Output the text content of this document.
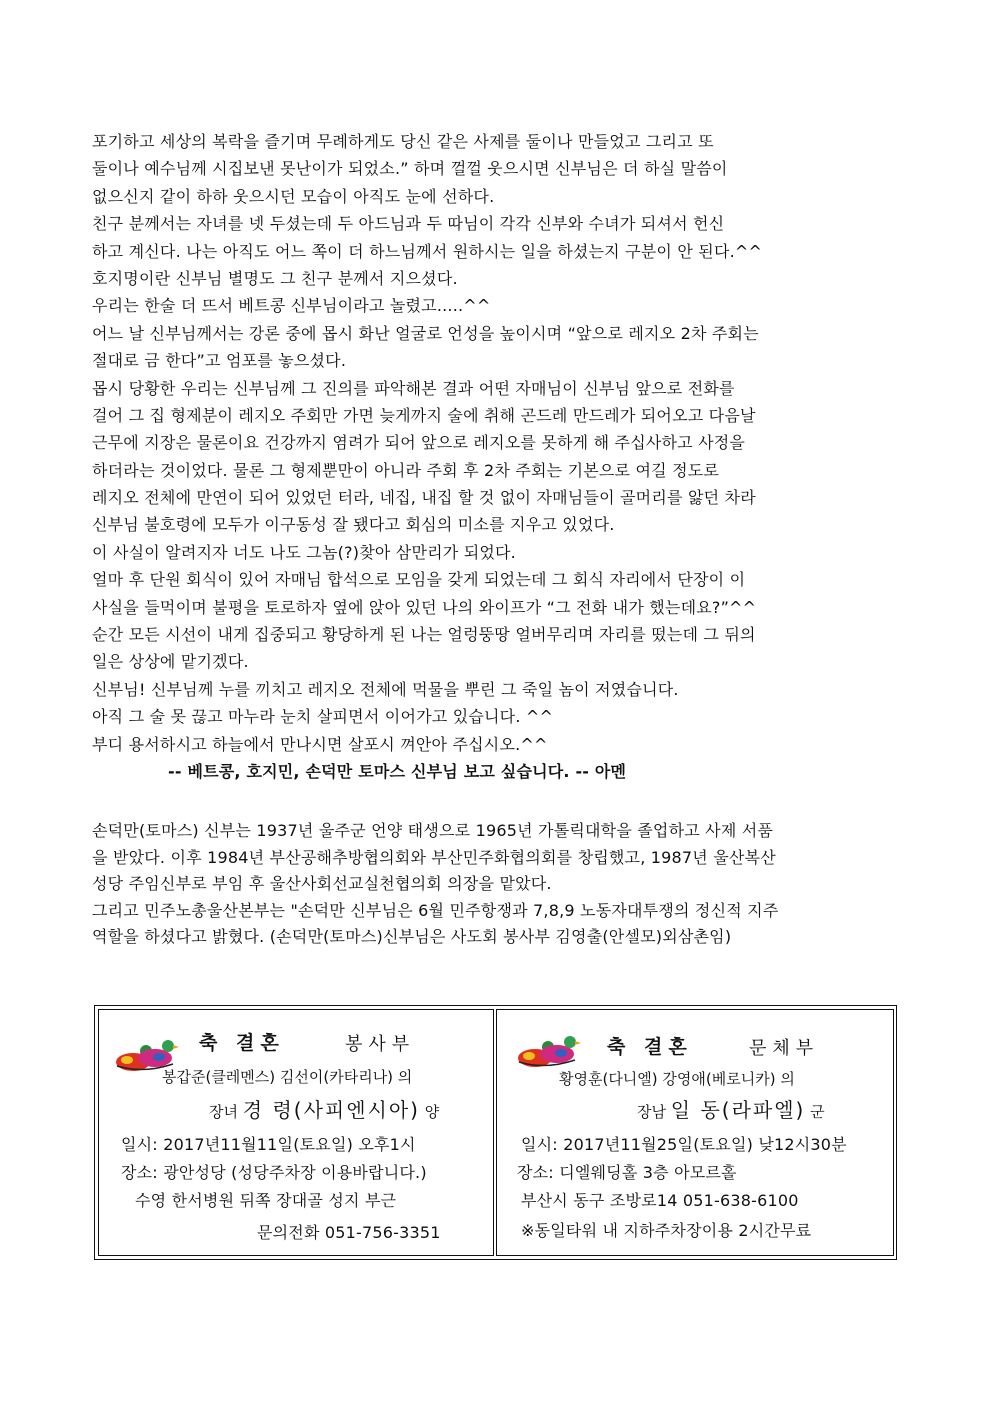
포기하고 세상의 복락을 즐기며 무례하게도 당신 같은 사제를 둘이나 만들었고 그리고 또
둘이나 예수님께 시집보낸 못난이가 되었소.” 하며 껄껄 웃으시면 신부님은 더 하실 말씀이
없으신지 같이 하하 웃으시던 모습이 아직도 눈에 선하다.
친구 분께서는 자녀를 넷 두셨는데 두 아드님과 두 따님이 각각 신부와 수녀가 되셔서 헌신
하고 계신다. 나는 아직도 어느 쪽이 더 하느님께서 원하시는 일을 하셨는지 구분이 안 된다.^^
호지명이란 신부님 별명도 그 친구 분께서 지으셨다.
우리는 한술 더 뜨서 베트콩 신부님이라고 놀렸고.....^^
어느 날 신부님께서는 강론 중에 몹시 화난 얼굴로 언성을 높이시며 “앞으로 레지오 2차 주회는
절대로 금 한다”고 엄포를 놓으셨다.
몹시 당황한 우리는 신부님께 그 진의를 파악해본 결과 어떤 자매님이 신부님 앞으로 전화를
걸어 그 집 형제분이 레지오 주회만 가면 늦게까지 술에 취해 곤드레 만드레가 되어오고 다음날
근무에 지장은 물론이요 건강까지 염려가 되어 앞으로 레지오를 못하게 해 주십사하고 사정을
하더라는 것이었다. 물론 그 형제뿐만이 아니라 주회 후 2차 주회는 기본으로 여길 정도로
레지오 전체에 만연이 되어 있었던 터라, 네집, 내집 할 것 없이 자매님들이 골머리를 앓던 차라
신부님 불호령에 모두가 이구동성 잘 됐다고 회심의 미소를 지우고 있었다.
이 사실이 알려지자 너도 나도 그놈(?)찾아 삼만리가 되었다.
얼마 후 단원 회식이 있어 자매님 합석으로 모임을 갖게 되었는데 그 회식 자리에서 단장이 이
사실을 들먹이며 불평을 토로하자 옆에 앉아 있던 나의 와이프가 “그 전화 내가 했는데요?”^^
순간 모든 시선이 내게 집중되고 황당하게 된 나는 얼렁뚱땅 얼버무리며 자리를 떴는데 그 뒤의
일은 상상에 맡기겠다.
신부님! 신부님께 누를 끼치고 레지오 전체에 먹물을 뿌린 그 죽일 놈이 저였습니다.
아직 그 술 못 끊고 마누라 눈치 살피면서 이어가고 있습니다. ^^
부디 용서하시고 하늘에서 만나시면 살포시 껴안아 주십시오.^^
-- 베트콩, 호지민, 손덕만 토마스 신부님 보고 싶습니다. -- 아멘
손덕만(토마스) 신부는 1937년 울주군 언양 태생으로 1965년 가톨릭대학을 졸업하고 사제 서품
을 받았다. 이후 1984년 부산공해추방협의회와 부산민주화협의회를 창립했고, 1987년 울산복산
성당 주임신부로 부임 후 울산사회선교실천협의회 의장을 맡았다.
그리고 민주노총울산본부는 "손덕만 신부님은 6월 민주항쟁과 7,8,9 노동자대투쟁의 정신적 지주
역할을 하셨다고 밝혔다. (손덕만(토마스)신부님은 사도회 봉사부 김영출(안셀모)외삼촌임)
축 결혼	봉사부
봉갑준(클레멘스) 김선이(카타리나) 의
장녀 경 령(사피엔시아) 양
일시: 2017년11월11일(토요일) 오후1시
장소: 광안성당 (성당주차장 이용바랍니다.)
수영 한서병원 뒤쪽 장대골 성지 부근
문의전화 051-756-3351
축 결혼	문체부
황영훈(다니엘) 강영애(베로니카) 의
장남 일 동(라파엘) 군
일시: 2017년11월25일(토요일) 낮12시30분
장소: 디엘웨딩홀 3층 아모르홀
부산시 동구 조방로14 051-638-6100
※동일타워 내 지하주차장이용 2시간무료
